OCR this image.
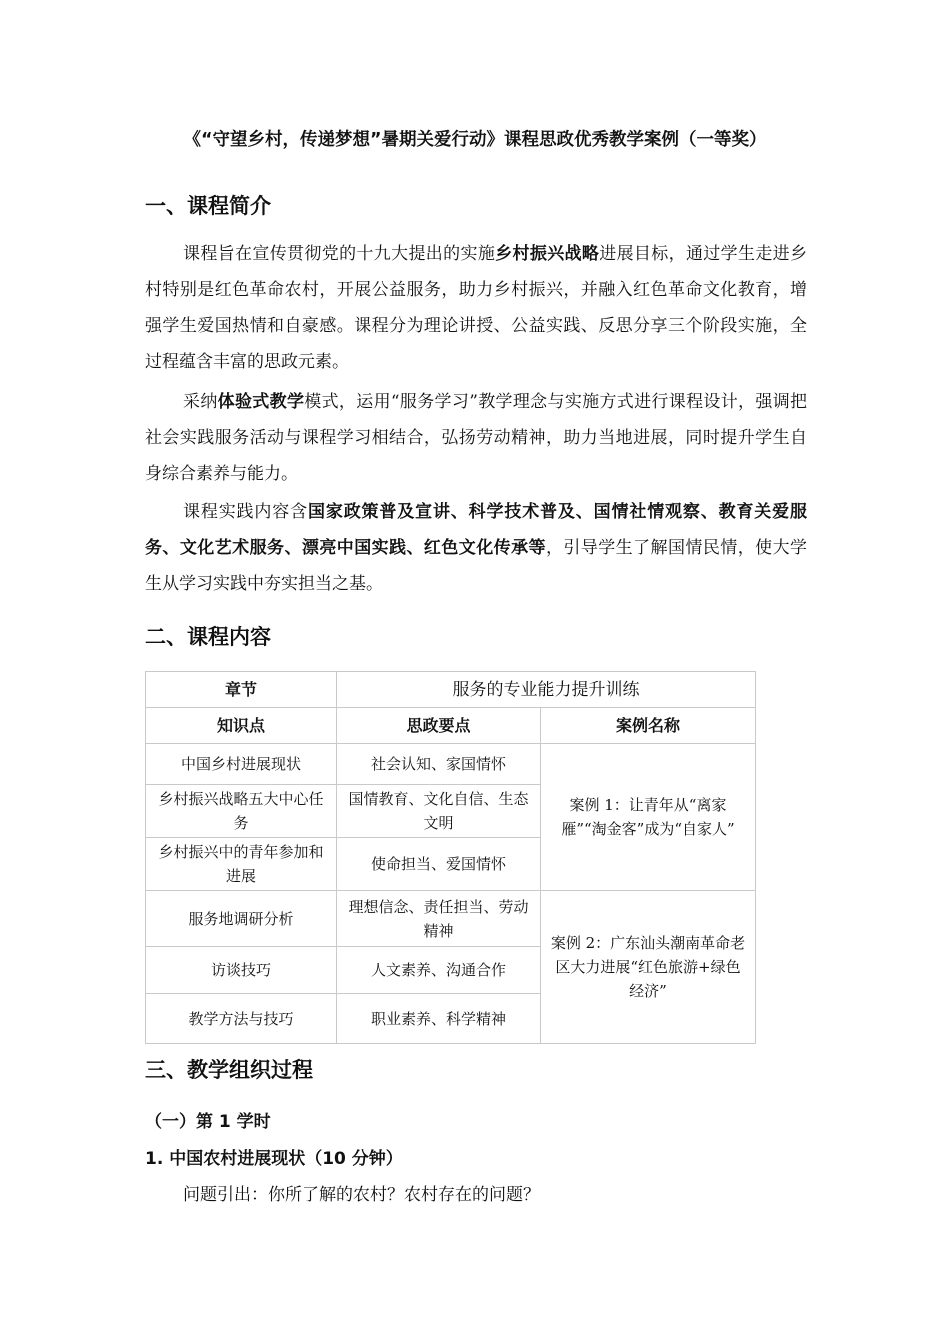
《“守望乡村，传递梦想”暑期关爱行动》课程思政优秀教学案例（一等奖）
一、课程简介
课程旨在宣传贯彻党的十九大提出的实施乡村振兴战略进展目标，通过学生走进乡村特别是红色革命农村，开展公益服务，助力乡村振兴，并融入红色革命文化教育，增强学生爱国热情和自豪感。课程分为理论讲授、公益实践、反思分享三个阶段实施，全过程蕴含丰富的思政元素。
采纳体验式教学模式，运用“服务学习”教学理念与实施方式进行课程设计，强调把社会实践服务活动与课程学习相结合，弘扬劳动精神，助力当地进展，同时提升学生自身综合素养与能力。
课程实践内容含国家政策普及宣讲、科学技术普及、国情社情观察、教育关爱服务、文化艺术服务、漂亮中国实践、红色文化传承等，引导学生了解国情民情，使大学生从学习实践中夯实担当之基。
二、课程内容
章节	服务的专业能力提升训练	
知识点	思政要点	案例名称
中国乡村进展现状	社会认知、家国情怀	案例 1：让青年从“离家雁”“淘金客”成为“自家人”
乡村振兴战略五大中心任务	国情教育、文化自信、生态文明	
乡村振兴中的青年参加和进展	使命担当、爱国情怀	
服务地调研分析	理想信念、责任担当、劳动精神	案例 2：广东汕头潮南革命老区大力进展“红色旅游+绿色经济”
访谈技巧	人文素养、沟通合作	
教学方法与技巧	职业素养、科学精神	
三、教学组织过程
（一）第 1 学时
1. 中国农村进展现状（10 分钟）
问题引出：你所了解的农村？农村存在的问题？
